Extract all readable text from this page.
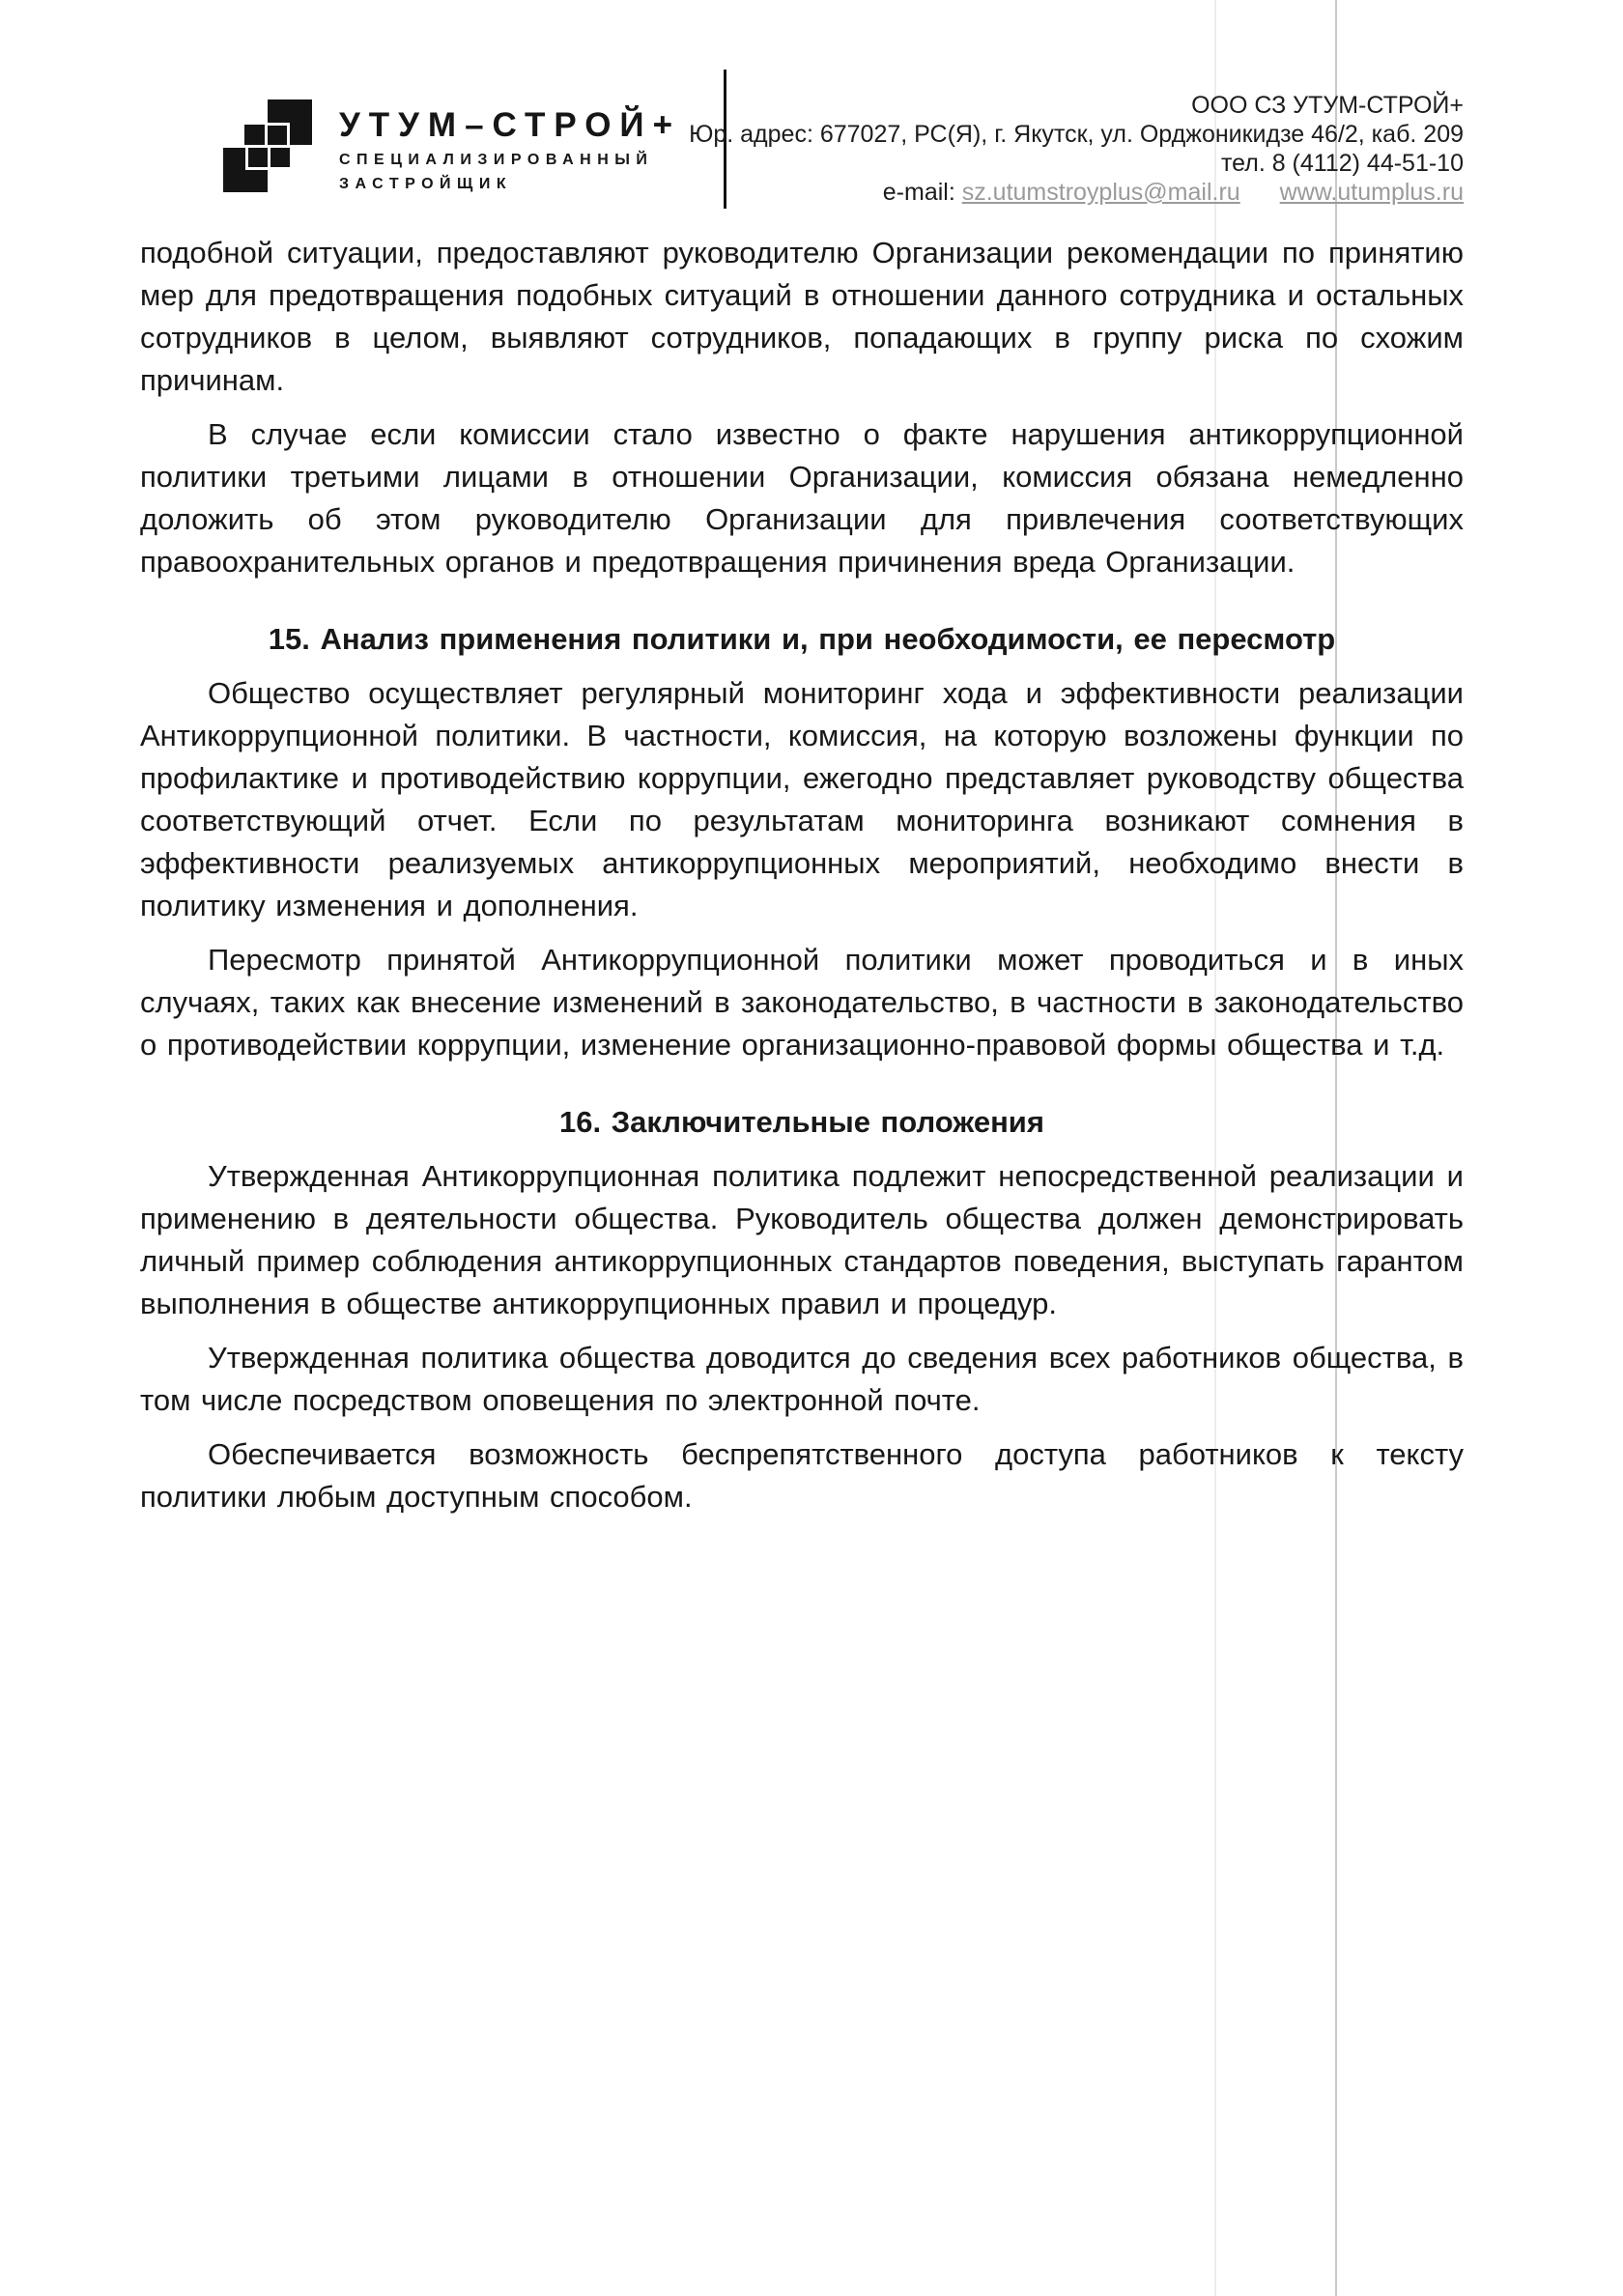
УТУМ–СТРОЙ+
СПЕЦИАЛИЗИРОВАННЫЙ
ЗАСТРОЙЩИК
ООО СЗ УТУМ-СТРОЙ+
Юр. адрес: 677027, РС(Я), г. Якутск, ул. Орджоникидзе 46/2, каб. 209
тел. 8 (4112) 44-51-10
e-mail: sz.utumstroyplus@mail.ru www.utumplus.ru

подобной ситуации, предоставляют руководителю Организации рекомендации по принятию мер для предотвращения подобных ситуаций в отношении данного сотрудника и остальных сотрудников в целом, выявляют сотрудников, попадающих в группу риска по схожим причинам.

В случае если комиссии стало известно о факте нарушения антикоррупционной политики третьими лицами в отношении Организации, комиссия обязана немедленно доложить об этом руководителю Организации для привлечения соответствующих правоохранительных органов и предотвращения причинения вреда Организации.

15. Анализ применения политики и, при необходимости, ее пересмотр

Общество осуществляет регулярный мониторинг хода и эффективности реализации Антикоррупционной политики. В частности, комиссия, на которую возложены функции по профилактике и противодействию коррупции, ежегодно представляет руководству общества соответствующий отчет. Если по результатам мониторинга возникают сомнения в эффективности реализуемых антикоррупционных мероприятий, необходимо внести в политику изменения и дополнения.

Пересмотр принятой Антикоррупционной политики может проводиться и в иных случаях, таких как внесение изменений в законодательство, в частности в законодательство о противодействии коррупции, изменение организационно-правовой формы общества и т.д.

16. Заключительные положения

Утвержденная Антикоррупционная политика подлежит непосредственной реализации и применению в деятельности общества. Руководитель общества должен демонстрировать личный пример соблюдения антикоррупционных стандартов поведения, выступать гарантом выполнения в обществе антикоррупционных правил и процедур.

Утвержденная политика общества доводится до сведения всех работников общества, в том числе посредством оповещения по электронной почте.

Обеспечивается возможность беспрепятственного доступа работников к тексту политики любым доступным способом.
